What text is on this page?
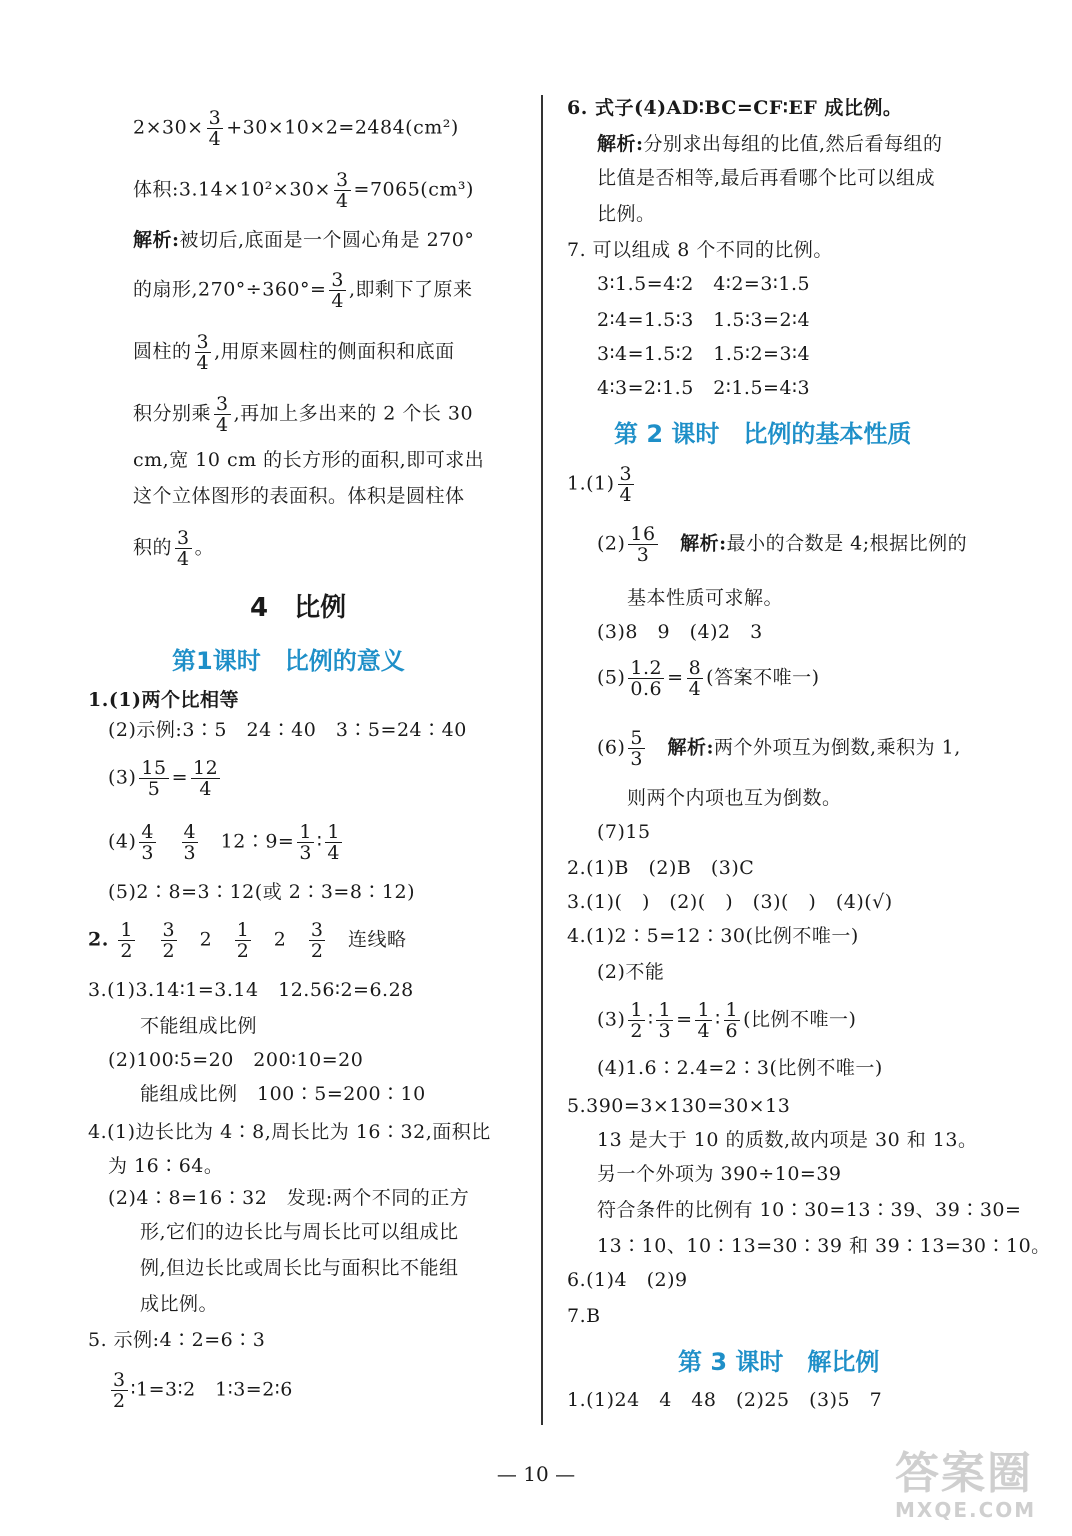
$2\times 30\times \frac{3}{4} +30\times 10\times 2=2484(cm^2)$
体积:3.14×10²×30× $\frac{3}{4} =7065(cm^3)$
解析:被切后,底面是一个圆心角是 270°
的扇形$,270^\circ\div 360^\circ= \frac{3}{4}$ ,即剩下了原来
圆柱的 $\frac{3}{4}$ ,用原来圆柱的侧面积和底面
积分别乘 $\frac{3}{4}$ ,再加上多出来的 2 个长 30
cm,宽 10 cm 的长方形的面积,即可求出
这个立体图形的表面积。体积是圆柱体
积的 $\frac{3}{4}$ 。
4　比例
第1课时　比例的意义
1.(1)两个比相等
(2)示例:3∶5　24∶40　3∶5=24∶40
$(3) \frac{15}{5} = \frac{12}{4}$
$(4) \frac{4}{3}$
　 $\frac{4}{3}$
　 12∶9= $\frac{1}{3}$ ∶ $\frac{1}{4}$
(5)2∶8=3∶12(或 2∶3=8∶12)
2. $\frac{1}{2}$
　 $\frac{3}{2}$ 　2　 $\frac{1}{2}$ 　2　 $\frac{3}{2}$
　 连线略
3.(1)3.14∶1=3.14　12.56∶2=6.28
不能组成比例
(2)100∶5=20　200∶10=20
能组成比例　100∶5=200∶10
4.(1)边长比为 4∶8,周长比为 16∶32,面积比
为 16∶64。
(2)4∶8=16∶32　发现:两个不同的正方
形,它们的边长比与周长比可以组成比
例,但边长比或周长比与面积比不能组
成比例。
5. 示例:4∶2=6∶3
$\frac{3}{2}$ ∶1=3∶2　1∶3=2∶6
6. 式子(4)AD∶BC=CF∶EF 成比例。
解析:分别求出每组的比值,然后看每组的
比值是否相等,最后再看哪个比可以组成
比例。
7. 可以组成 8 个不同的比例。
3∶1.5=4∶2　4∶2=3∶1.5
2∶4=1.5∶3　1.5∶3=2∶4
3∶4=1.5∶2　1.5∶2=3∶4
4∶3=2∶1.5　2∶1.5=4∶3
第 2 课时　比例的基本性质
$1.(1) \frac{3}{4}$
$(2) \frac{16}{3}$
　 解析:最小的合数是 4;根据比例的
基本性质可求解。
(3)8　9　(4)2　3
$(5) \frac{1.2}{0.6} = \frac{8}{4}$ (答案不唯一)
$(6) \frac{5}{3}$
　 解析:两个外项互为倒数,乘积为 1,
则两个内项也互为倒数。
(7)15
2.(1)B　(2)B　(3)C
3.(1)(　)　(2)(　)　(3)(　)　(4)(√)
4.(1)2∶5=12∶30(比例不唯一)
(2)不能
$(3) \frac{1}{2}$ ∶ $\frac{1}{3} = \frac{1}{4}$ ∶ $\frac{1}{6}$ (比例不唯一)
(4)1.6∶2.4=2∶3(比例不唯一)
5.390=3×130=30×13
13 是大于 10 的质数,故内项是 30 和 13。
另一个外项为 390÷10=39
符合条件的比例有 10∶30=13∶39、39∶30=
13∶10、10∶13=30∶39 和 39∶13=30∶10。
6.(1)4　(2)9
7.B
第 3 课时　解比例
1.(1)24　4　48　(2)25　(3)5　7
— 10 —	答案圈
MXQE.COM
